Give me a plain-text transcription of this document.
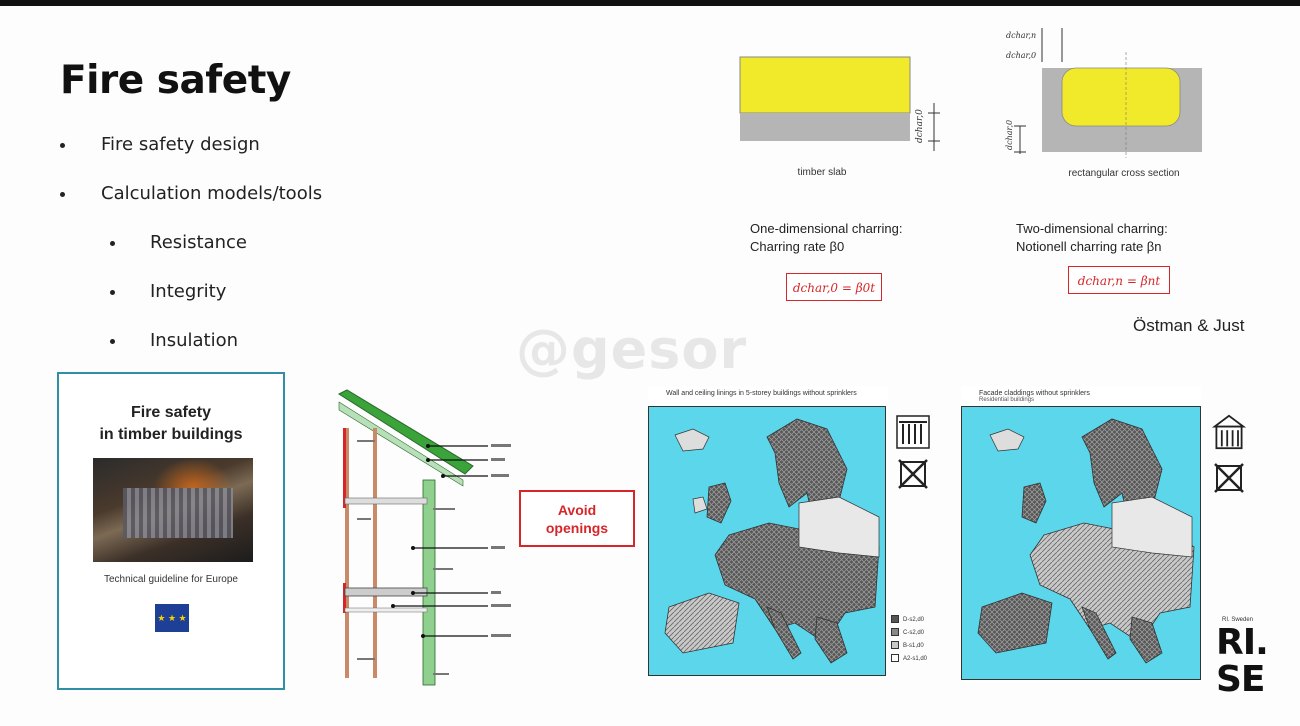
Fire safety
Fire safety design
Calculation models/tools
Resistance
Integrity
Insulation
Fire safety
in timber buildings
Technical guideline for Europe
★ ★ ★
Avoid
openings
dchar,0
timber slab
dchar,n
dchar,0
dchar,0
rectangular cross section
One-dimensional charring:
Charring rate β0
Two-dimensional charring:
Notionell charring rate βn
dchar,0 = β0t	dchar,n = βnt
Östman & Just
@gesor
Wall and ceiling linings in 5-storey buildings without sprinklers
D-s2,d0
C-s2,d0
B-s1,d0
A2-s1,d0
Facade claddings without sprinklers
Residential buildings
RI. Sweden
RI.
SE
